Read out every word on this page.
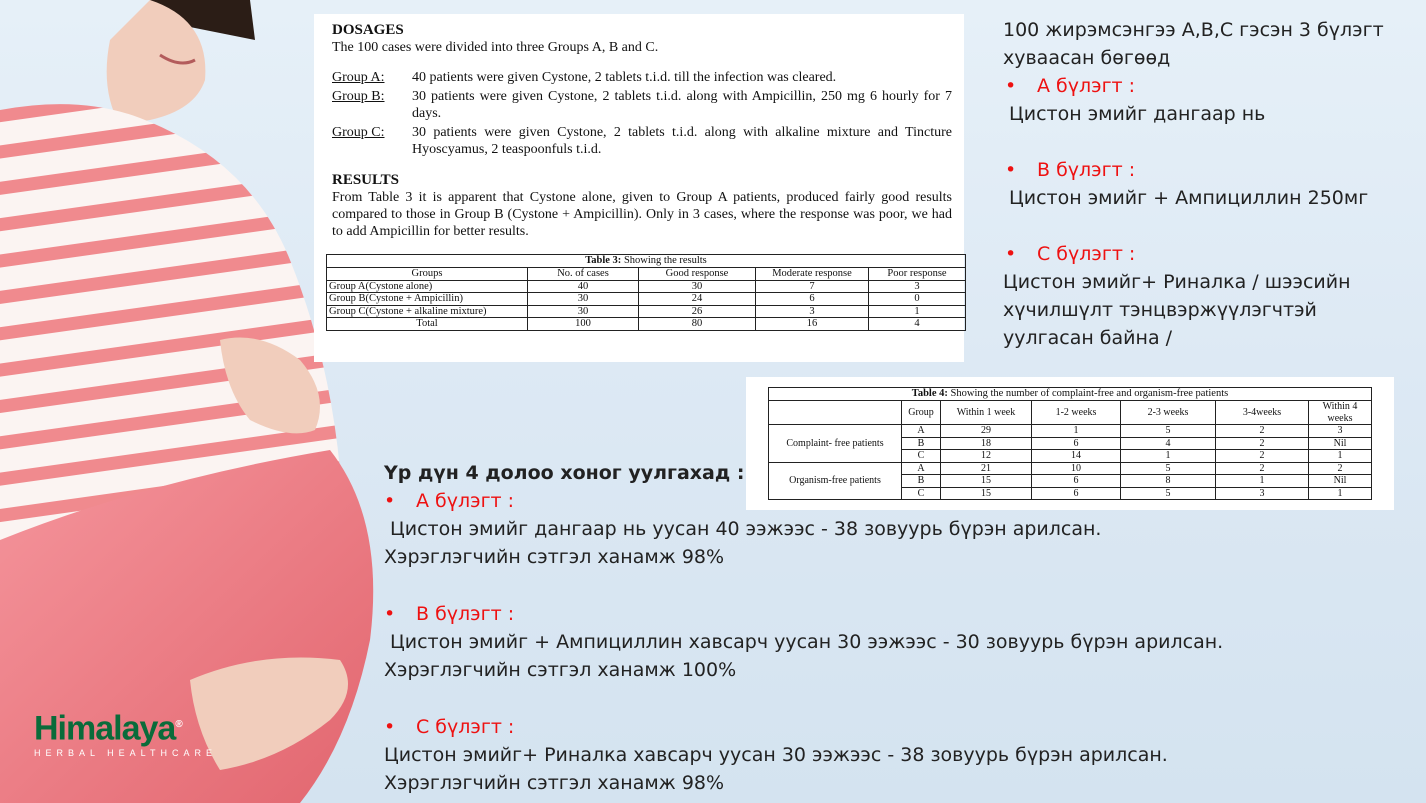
DOSAGES

The 100 cases were divided into three Groups A, B and C.

Group A:	40 patients were given Cystone, 2 tablets t.i.d. till the infection was cleared.
Group B:	30 patients were given Cystone, 2 tablets t.i.d. along with Ampicillin, 250 mg 6 hourly for 7 days.
Group C:	30 patients were given Cystone, 2 tablets t.i.d. along with alkaline mixture and Tincture Hyoscyamus, 2 teaspoonfuls t.i.d.

RESULTS

From Table 3 it is apparent that Cystone alone, given to Group A patients, produced fairly good results compared to those in Group B (Cystone + Ampicillin). Only in 3 cases, where the response was poor, we had to add Ampicillin for better results.

Table 3: Showing the results
Groups	No. of cases	Good response	Moderate response	Poor response
Group A(Cystone alone)	40	30	7	3
Group B(Cystone + Ampicillin)	30	24	6	0
Group C(Cystone + alkaline mixture)	30	26	3	1
Total	100	80	16	4
Table 4: Showing the number of complaint-free and organism-free patients
	Group	Within 1 week	1-2 weeks	2-3 weeks	3-4weeks	Within 4 weeks
Complaint- free patients	A	29	1	5	2	3
	B	18	6	4	2	Nil
	C	12	14	1	2	1
Organism-free patients	A	21	10	5	2	2
	B	15	6	8	1	Nil
	C	15	6	5	3	1
100 жирэмсэнгээ А,В,С гэсэн 3 бүлэгт хуваасан бөгөөд
• А бүлэгт :
Цистон эмийг дангаар нь
• В бүлэгт :
Цистон эмийг + Ампициллин 250мг
• С бүлэгт :
Цистон эмийг+ Риналка / шээсийн хүчилшүлт тэнцвэржүүлэгчтэй уулгасан байна /
Үр дүн 4 долоо хоног уулгахад :
• А бүлэгт :
Цистон эмийг дангаар нь уусан 40 ээжээс - 38 зовуурь бүрэн арилсан.
Хэрэглэгчийн сэтгэл ханамж 98%
• В бүлэгт :
Цистон эмийг + Ампициллин хавсарч уусан 30 ээжээс - 30 зовуурь бүрэн арилсан.
Хэрэглэгчийн сэтгэл ханамж 100%
• С бүлэгт :
Цистон эмийг+ Риналка хавсарч уусан 30 ээжээс - 38 зовуурь бүрэн арилсан.
Хэрэглэгчийн сэтгэл ханамж 98%
Himalaya®
HERBAL HEALTHCARE
